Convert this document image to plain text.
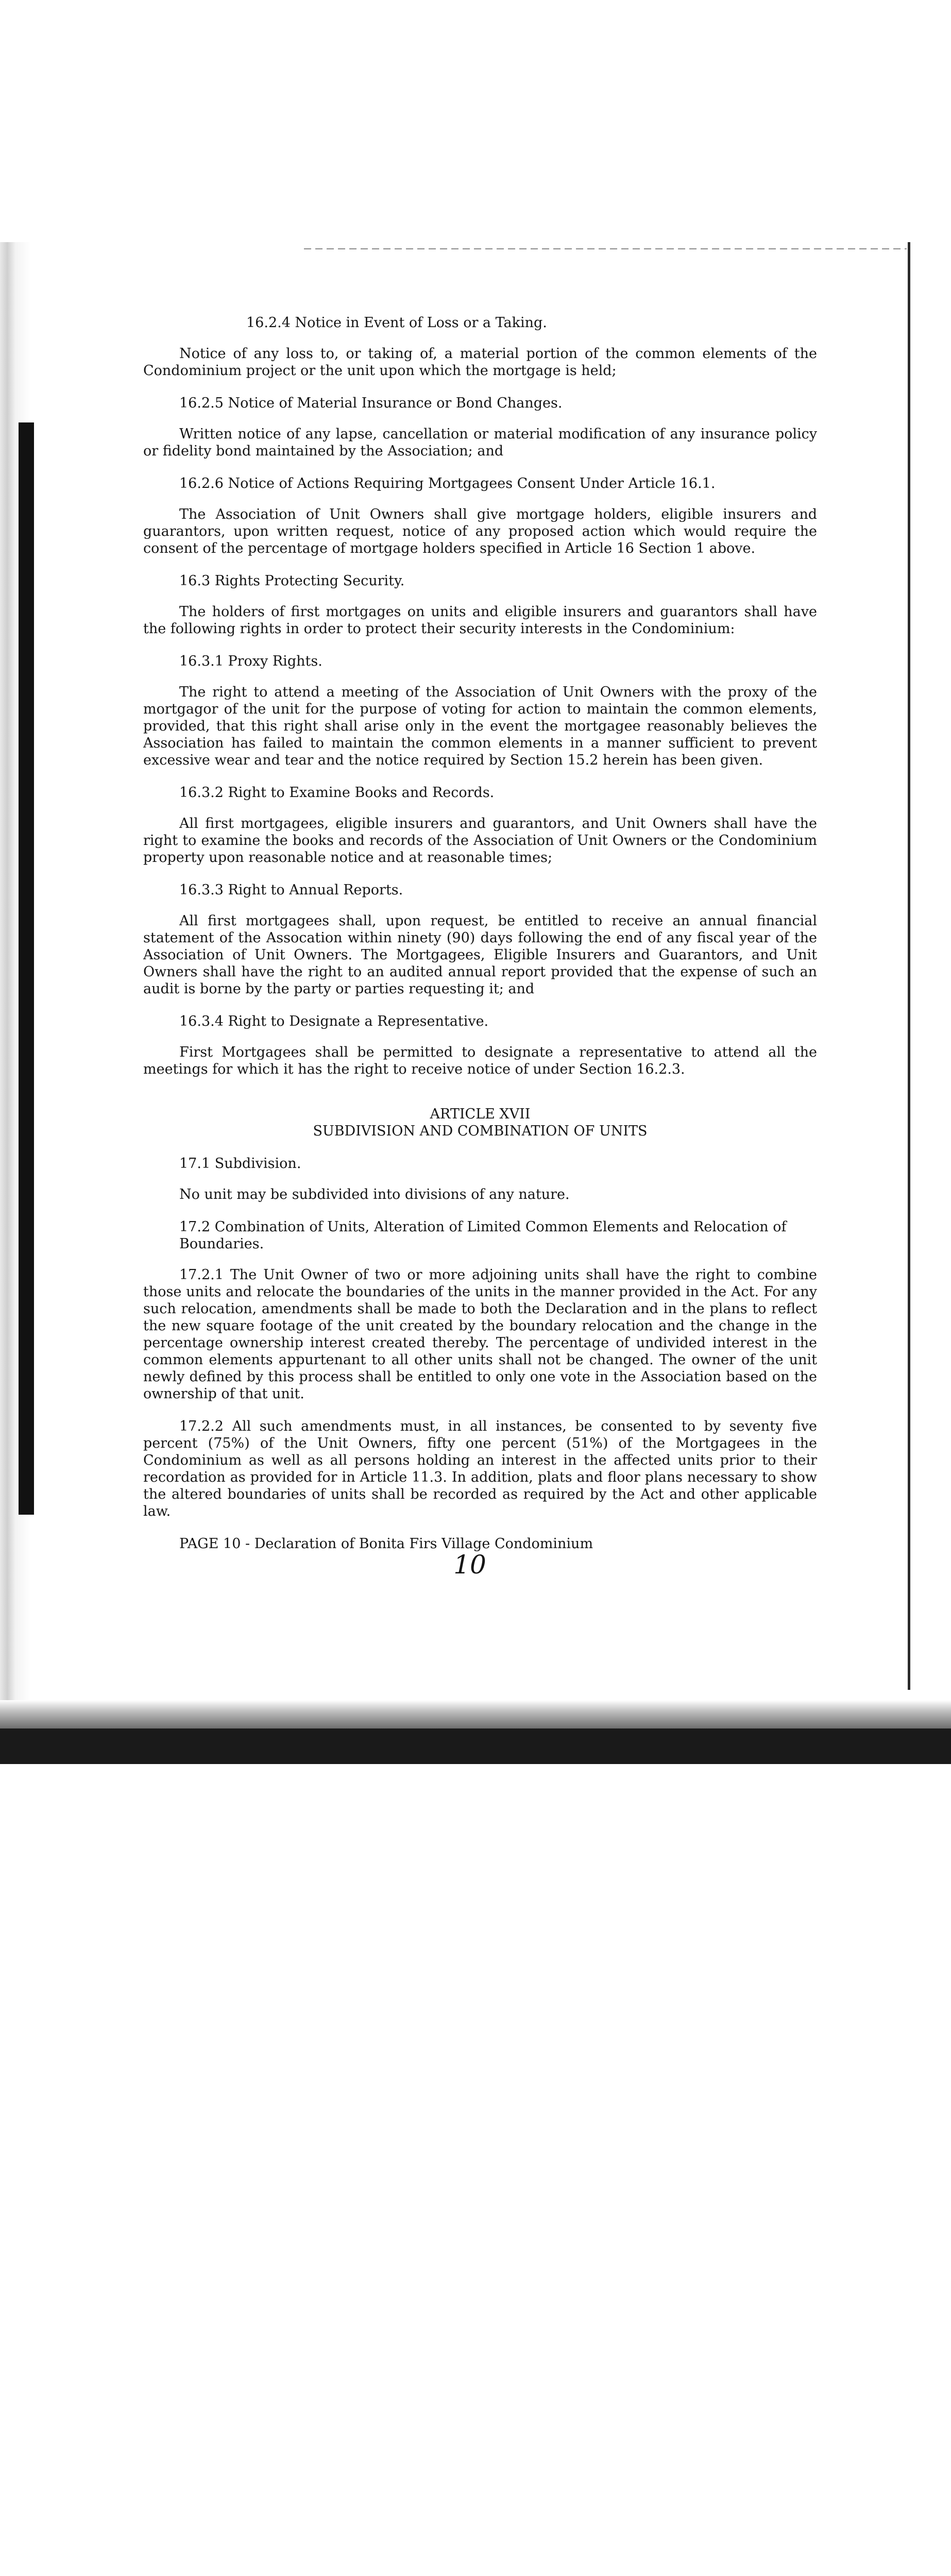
16.2.4 Notice in Event of Loss or a Taking.

Notice of any loss to, or taking of, a material portion of the common elements of the Condominium project or the unit upon which the mortgage is held;

16.2.5 Notice of Material Insurance or Bond Changes.

Written notice of any lapse, cancellation or material modification of any insurance policy or fidelity bond maintained by the Association; and

16.2.6 Notice of Actions Requiring Mortgagees Consent Under Article 16.1.

The Association of Unit Owners shall give mortgage holders, eligible insurers and guarantors, upon written request, notice of any proposed action which would require the consent of the percentage of mortgage holders specified in Article 16 Section 1 above.

16.3 Rights Protecting Security.

The holders of first mortgages on units and eligible insurers and guarantors shall have the following rights in order to protect their security interests in the Condominium:

16.3.1 Proxy Rights.

The right to attend a meeting of the Association of Unit Owners with the proxy of the mortgagor of the unit for the purpose of voting for action to maintain the common elements, provided, that this right shall arise only in the event the mortgagee reasonably believes the Association has failed to maintain the common elements in a manner sufficient to prevent excessive wear and tear and the notice required by Section 15.2 herein has been given.

16.3.2 Right to Examine Books and Records.

All first mortgagees, eligible insurers and guarantors, and Unit Owners shall have the right to examine the books and records of the Association of Unit Owners or the Condominium property upon reasonable notice and at reasonable times;

16.3.3 Right to Annual Reports.

All first mortgagees shall, upon request, be entitled to receive an annual financial statement of the Assocation within ninety (90) days following the end of any fiscal year of the Association of Unit Owners. The Mortgagees, Eligible Insurers and Guarantors, and Unit Owners shall have the right to an audited annual report provided that the expense of such an audit is borne by the party or parties requesting it; and

16.3.4 Right to Designate a Representative.

First Mortgagees shall be permitted to designate a representative to attend all the meetings for which it has the right to receive notice of under Section 16.2.3.

ARTICLE XVII
SUBDIVISION AND COMBINATION OF UNITS
17.1 Subdivision.

No unit may be subdivided into divisions of any nature.

17.2 Combination of Units, Alteration of Limited Common Elements and Relocation of Boundaries.

17.2.1 The Unit Owner of two or more adjoining units shall have the right to combine those units and relocate the boundaries of the units in the manner provided in the Act. For any such relocation, amendments shall be made to both the Declaration and in the plans to reflect the new square footage of the unit created by the boundary relocation and the change in the percentage ownership interest created thereby. The percentage of undivided interest in the common elements appurtenant to all other units shall not be changed. The owner of the unit newly defined by this process shall be entitled to only one vote in the Association based on the ownership of that unit.

17.2.2 All such amendments must, in all instances, be consented to by seventy five percent (75%) of the Unit Owners, fifty one percent (51%) of the Mortgagees in the Condominium as well as all persons holding an interest in the affected units prior to their recordation as provided for in Article 11.3. In addition, plats and floor plans necessary to show the altered boundaries of units shall be recorded as required by the Act and other applicable law.

PAGE 10 - Declaration of Bonita Firs Village Condominium
10
